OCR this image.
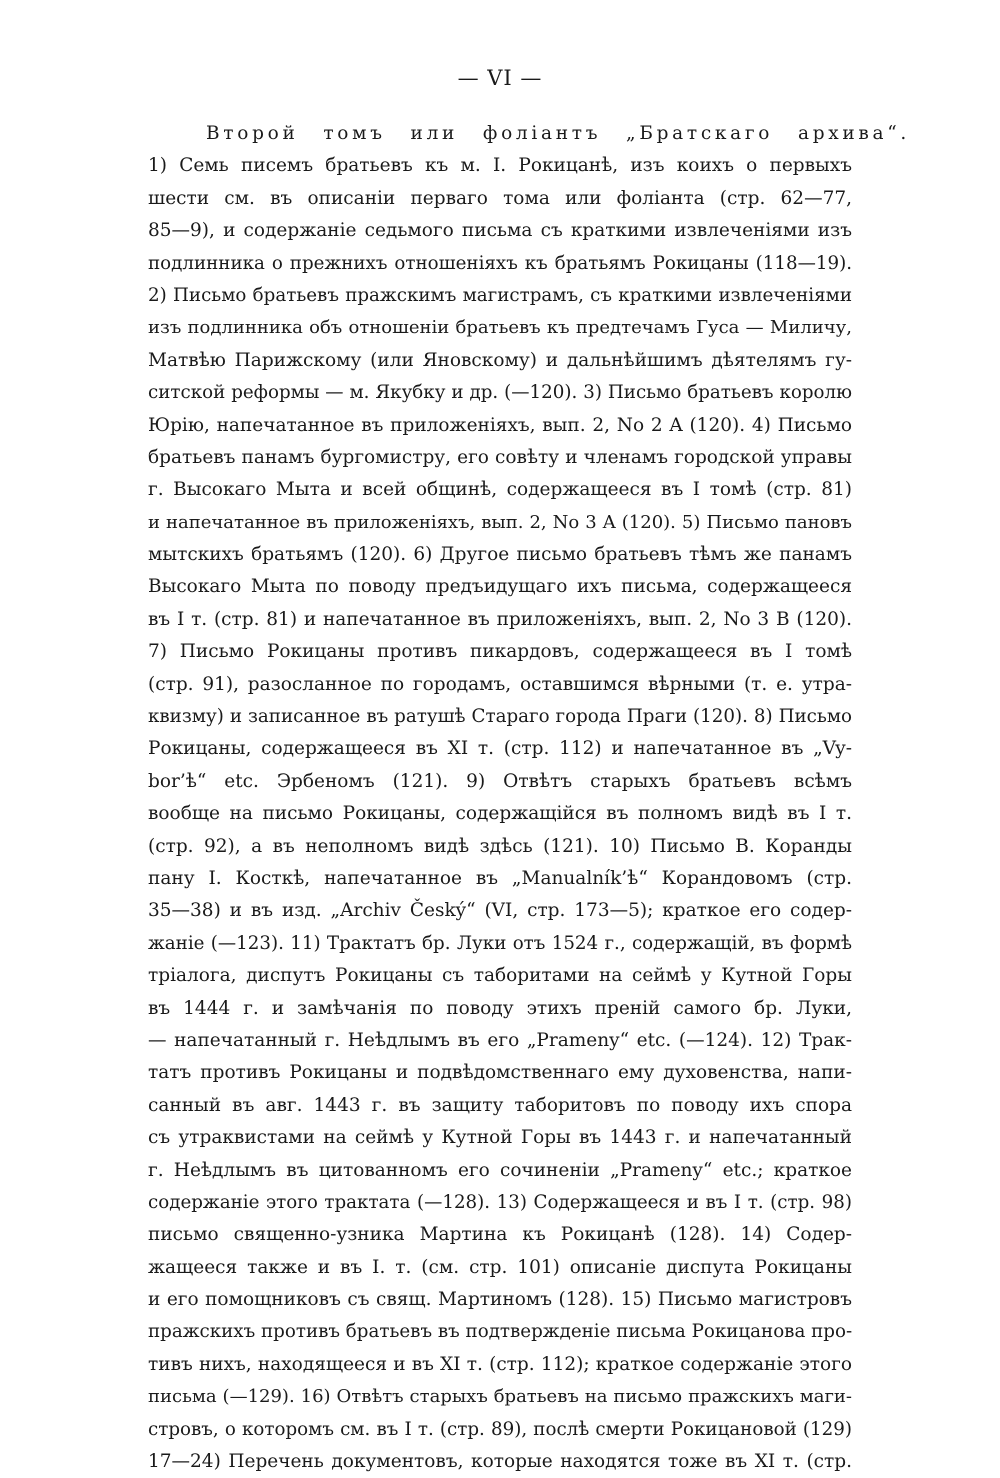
— VI —
Второй томъ или фоліантъ „Братскаго архива“.
1) Семь писемъ братьевъ къ м. I. Рокицанѣ, изъ коихъ о первыхъ
шести см. въ описаніи перваго тома или фоліанта (стр. 62—77,
85—9), и содержаніе седьмого письма съ краткими извлеченіями изъ
подлинника о прежнихъ отношеніяхъ къ братьямъ Рокицаны (118—19).
2) Письмо братьевъ пражскимъ магистрамъ, съ краткими извлеченіями
изъ подлинника объ отношеніи братьевъ къ предтечамъ Гуса — Миличу,
Матвѣю Парижскому (или Яновскому) и дальнѣйшимъ дѣятелямъ гу-
ситской реформы — м. Якубку и др. (—120). 3) Письмо братьевъ королю
Юрію, напечатанное въ приложеніяхъ, вып. 2, No 2 A (120). 4) Письмо
братьевъ панамъ бургомистру, его совѣту и членамъ городской управы
г. Высокаго Мыта и всей общинѣ, содержащееся въ I томѣ (стр. 81)
и напечатанное въ приложеніяхъ, вып. 2, No 3 A (120). 5) Письмо пановъ
мытскихъ братьямъ (120). 6) Другое письмо братьевъ тѣмъ же панамъ
Высокаго Мыта по поводу предъидущаго ихъ письма, содержащееся
въ I т. (стр. 81) и напечатанное въ приложеніяхъ, вып. 2, No 3 B (120).
7) Письмо Рокицаны противъ пикардовъ, содержащееся въ I томѣ
(стр. 91), разосланное по городамъ, оставшимся вѣрными (т. е. утра-
квизму) и записанное въ ратушѣ Стараго города Праги (120). 8) Письмо
Рокицаны, содержащееся въ XI т. (стр. 112) и напечатанное въ „Vy-
bor’ѣ“ etc. Эрбеномъ (121). 9) Отвѣтъ старыхъ братьевъ всѣмъ
вообще на письмо Рокицаны, содержащійся въ полномъ видѣ въ I т.
(стр. 92), а въ неполномъ видѣ здѣсь (121). 10) Письмо В. Коранды
пану I. Косткѣ, напечатанное въ „Manualník’ѣ“ Корандовомъ (стр.
35—38) и въ изд. „Archiv Český“ (VI, стр. 173—5); краткое его содер-
жаніе (—123). 11) Трактатъ бр. Луки отъ 1524 г., содержащій, въ формѣ
тріалога, диспутъ Рокицаны съ таборитами на сеймѣ у Кутной Горы
въ 1444 г. и замѣчанія по поводу этихъ преній самого бр. Луки,
— напечатанный г. Неѣдлымъ въ его „Prameny“ etc. (—124). 12) Трак-
татъ противъ Рокицаны и подвѣдомственнаго ему духовенства, напи-
санный въ авг. 1443 г. въ защиту таборитовъ по поводу ихъ спора
съ утраквистами на сеймѣ у Кутной Горы въ 1443 г. и напечатанный
г. Неѣдлымъ въ цитованномъ его сочиненіи „Prameny“ etc.; краткое
содержаніе этого трактата (—128). 13) Содержащееся и въ I т. (стр. 98)
письмо священно-узника Мартина къ Рокицанѣ (128). 14) Содер-
жащееся также и въ I. т. (см. стр. 101) описаніе диспута Рокицаны
и его помощниковъ съ свящ. Мартиномъ (128). 15) Письмо магистровъ
пражскихъ противъ братьевъ въ подтвержденіе письма Рокицанова про-
тивъ нихъ, находящееся и въ XI т. (стр. 112); краткое содержаніе этого
письма (—129). 16) Отвѣтъ старыхъ братьевъ на письмо пражскихъ маги-
стровъ, о которомъ см. въ I т. (стр. 89), послѣ смерти Рокицановой (129)
17—24) Перечень документовъ, которые находятся тоже въ XI т. (стр.
